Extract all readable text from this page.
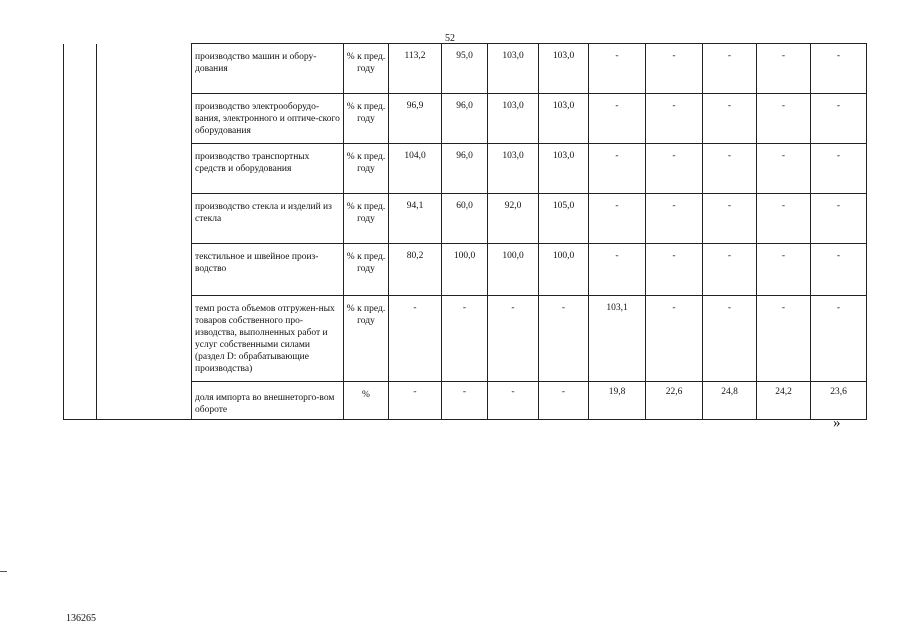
52
		производство машин и обору-дования	% к пред. году	113,2	95,0	103,0	103,0	-	-	-	-	-
		производство электрооборудо-вания, электронного и оптиче-ского оборудования	% к пред. году	96,9	96,0	103,0	103,0	-	-	-	-	-
		производство транспортных средств и оборудования	% к пред. году	104,0	96,0	103,0	103,0	-	-	-	-	-
		производство стекла и изделий из стекла	% к пред. году	94,1	60,0	92,0	105,0	-	-	-	-	-
		текстильное и швейное произ-водство	% к пред. году	80,2	100,0	100,0	100,0	-	-	-	-	-
		темп роста объемов отгружен-ных товаров собственного про-изводства, выполненных работ и услуг собственными силами (раздел D: обрабатывающие производства)	% к пред. году	-	-	-	-	103,1	-	-	-	-
		доля импорта во внешнеторго-вом обороте	%	-	-	-	-	19,8	22,6	24,8	24,2	23,6
»
136265
